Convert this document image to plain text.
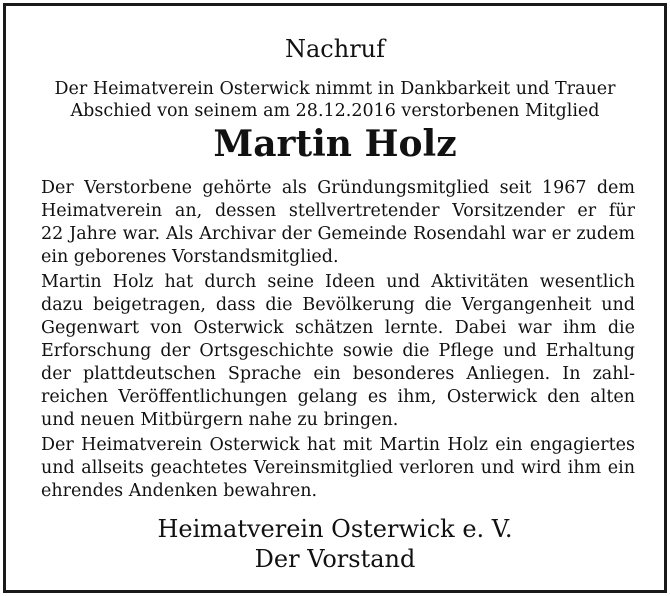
Nachruf
Der Heimatverein Osterwick nimmt in Dankbarkeit und Trauer
Abschied von seinem am 28.12.2016 verstorbenen Mitglied
Martin Holz
Der Verstorbene gehörte als Gründungsmitglied seit 1967 dem
Heimatverein an, dessen stellvertretender Vorsitzender er für
22 Jahre war. Als Archivar der Gemeinde Rosendahl war er zudem
ein geborenes Vorstandsmitglied.
Martin Holz hat durch seine Ideen und Aktivitäten wesentlich
dazu beigetragen, dass die Bevölkerung die Vergangenheit und
Gegenwart von Osterwick schätzen lernte. Dabei war ihm die
Erforschung der Ortsgeschichte sowie die Pflege und Erhaltung
der plattdeutschen Sprache ein besonderes Anliegen. In zahl-
reichen Veröffentlichungen gelang es ihm, Osterwick den alten
und neuen Mitbürgern nahe zu bringen.
Der Heimatverein Osterwick hat mit Martin Holz ein engagiertes
und allseits geachtetes Vereinsmitglied verloren und wird ihm ein
ehrendes Andenken bewahren.
Heimatverein Osterwick e. V.
Der Vorstand
